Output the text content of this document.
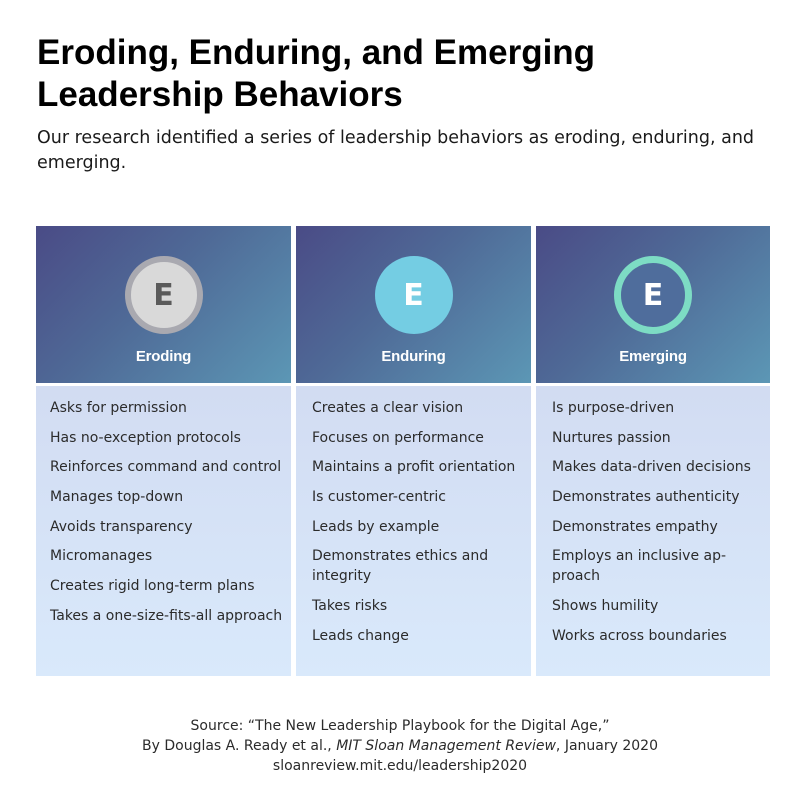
Eroding, Enduring, and Emerging Leadership Behaviors

Our research identified a series of leadership behaviors as eroding, enduring, and emerging.

E
Eroding
Asks for permission
Has no-exception protocols
Reinforces command and control
Manages top-down
Avoids transparency
Micromanages
Creates rigid long-term plans
Takes a one-size-fits-all approach
E
Enduring
Creates a clear vision
Focuses on performance
Maintains a profit orientation
Is customer-centric
Leads by example
Demonstrates ethics and integrity
Takes risks
Leads change
E
Emerging
Is purpose-driven
Nurtures passion
Makes data-driven decisions
Demonstrates authenticity
Demonstrates empathy
Employs an inclusive ap-proach
Shows humility
Works across boundaries
Source: “The New Leadership Playbook for the Digital Age,”
By Douglas A. Ready et al., MIT Sloan Management Review, January 2020
sloanreview.mit.edu/leadership2020
